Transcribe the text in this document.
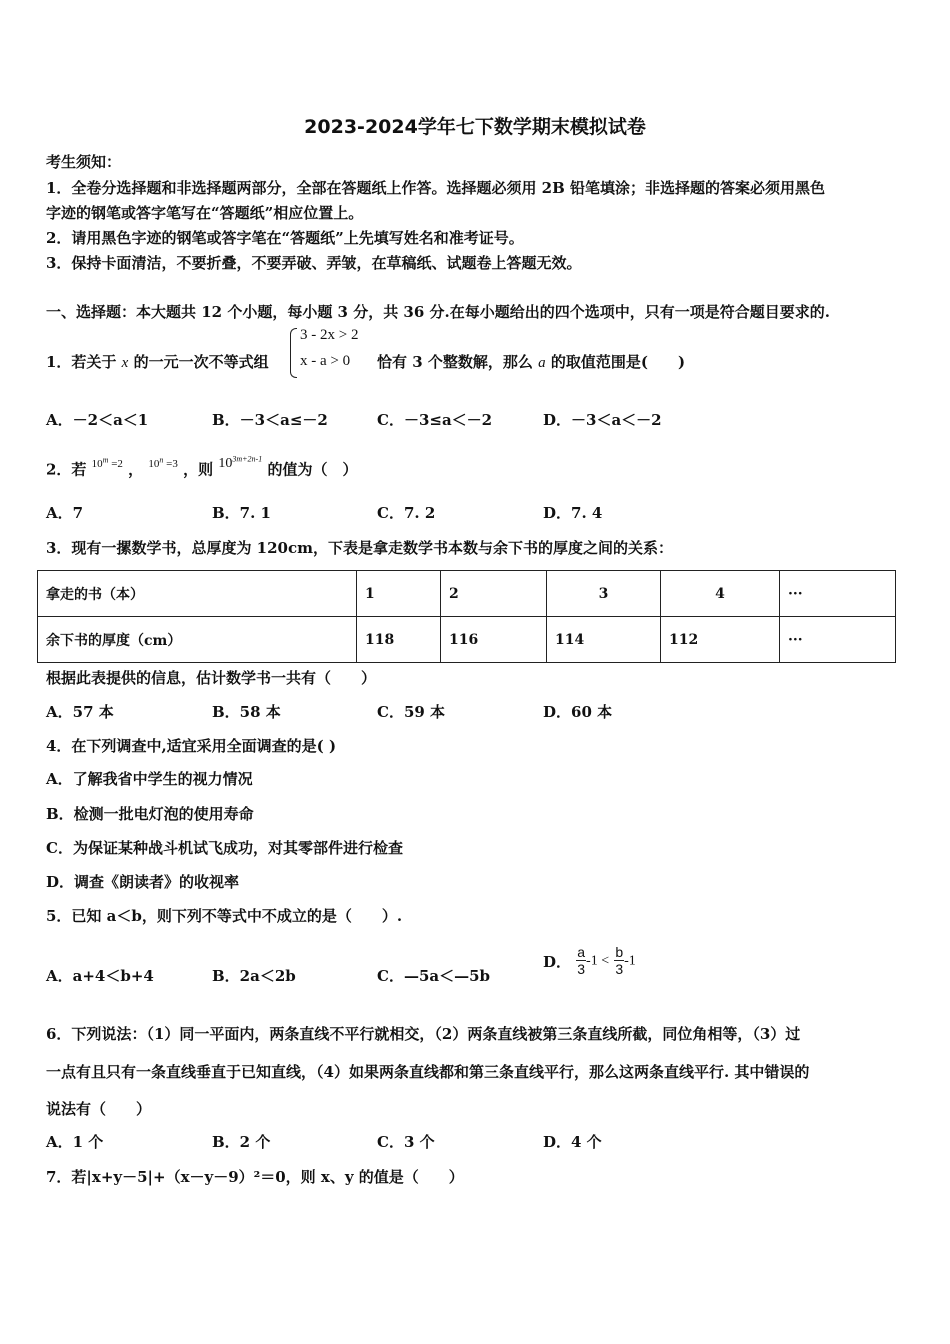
2023-2024学年七下数学期末模拟试卷
考生须知：
1．全卷分选择题和非选择题两部分，全部在答题纸上作答。选择题必须用 2B 铅笔填涂；非选择题的答案必须用黑色
字迹的钢笔或答字笔写在“答题纸”相应位置上。
2．请用黑色字迹的钢笔或答字笔在“答题纸”上先填写姓名和准考证号。
3．保持卡面清洁，不要折叠，不要弄破、弄皱，在草稿纸、试题卷上答题无效。
一、选择题：本大题共 12 个小题，每小题 3 分，共 36 分.在每小题给出的四个选项中，只有一项是符合题目要求的.
1．若关于 x 的一元一次不等式组
3 - 2x > 2
x - a > 0 恰有 3 个整数解，那么 a 的取值范围是(　　)
A．－2＜a＜1	B．－3＜a≤－2	C．－3≤a＜－2	D．－3＜a＜－2
2．若 $^{10^m =2}$ ， $^{10^n =3}$ ，则 $10^{3m+2n-1}$ 的值为（　）
A．7	B．7. 1	C．7. 2	D．7. 4
3．现有一摞数学书，总厚度为 120cm，下表是拿走数学书本数与余下书的厚度之间的关系：
拿走的书（本）	1	2	3	4	···
余下书的厚度（cm）	118	116	114	112	···
根据此表提供的信息，估计数学书一共有（　　）
A．57 本	B．58 本	C．59 本	D．60 本
4．在下列调查中,适宜采用全面调查的是( )
A．了解我省中学生的视力情况
B．检测一批电灯泡的使用寿命
C．为保证某种战斗机试飞成功，对其零部件进行检查
D．调查《朗读者》的收视率
5．已知 a＜b，则下列不等式中不成立的是（　　）.
A．a+4＜b+4	B．2a＜2b	C．—5a＜—5b
D． $\frac{a}{3} -1 < \frac{b}{3} -1$
6．下列说法：（1）同一平面内，两条直线不平行就相交，（2）两条直线被第三条直线所截，同位角相等，（3）过
一点有且只有一条直线垂直于已知直线，（4）如果两条直线都和第三条直线平行，那么这两条直线平行. 其中错误的
说法有（　　）
A．1 个	B．2 个	C．3 个	D．4 个
7．若|x+y－5|+（x－y－9）²＝0，则 x、y 的值是（　　）
